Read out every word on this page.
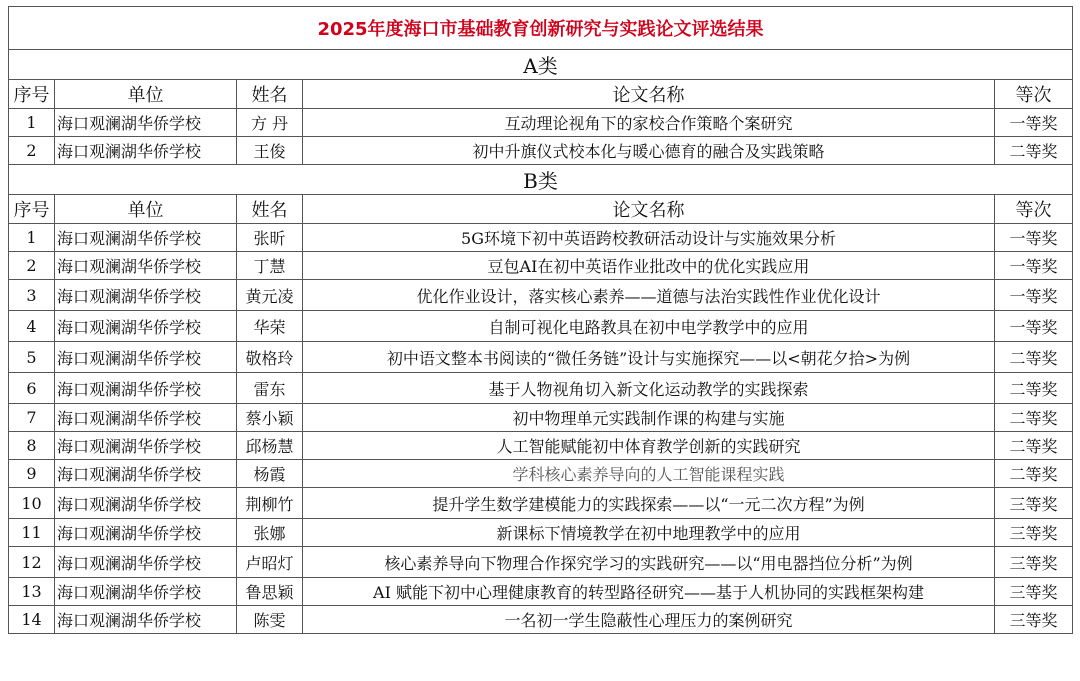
2025年度海口市基础教育创新研究与实践论文评选结果				
A类				
序号	单位	姓名	论文名称	等次
1	海口观澜湖华侨学校	方 丹	互动理论视角下的家校合作策略个案研究	一等奖
2	海口观澜湖华侨学校	王俊	初中升旗仪式校本化与暖心德育的融合及实践策略	二等奖
B类				
序号	单位	姓名	论文名称	等次
1	海口观澜湖华侨学校	张昕	5G环境下初中英语跨校教研活动设计与实施效果分析	一等奖
2	海口观澜湖华侨学校	丁慧	豆包AI在初中英语作业批改中的优化实践应用	一等奖
3	海口观澜湖华侨学校	黄元凌	优化作业设计，落实核心素养——道德与法治实践性作业优化设计	一等奖
4	海口观澜湖华侨学校	华荣	自制可视化电路教具在初中电学教学中的应用	一等奖
5	海口观澜湖华侨学校	敬格玲	初中语文整本书阅读的“微任务链”设计与实施探究——以<朝花夕拾>为例	二等奖
6	海口观澜湖华侨学校	雷东	基于人物视角切入新文化运动教学的实践探索	二等奖
7	海口观澜湖华侨学校	蔡小颖	初中物理单元实践制作课的构建与实施	二等奖
8	海口观澜湖华侨学校	邱杨慧	人工智能赋能初中体育教学创新的实践研究	二等奖
9	海口观澜湖华侨学校	杨霞	学科核心素养导向的人工智能课程实践	二等奖
10	海口观澜湖华侨学校	荆柳竹	提升学生数学建模能力的实践探索——以“一元二次方程”为例	三等奖
11	海口观澜湖华侨学校	张娜	新课标下情境教学在初中地理教学中的应用	三等奖
12	海口观澜湖华侨学校	卢昭灯	核心素养导向下物理合作探究学习的实践研究——以“用电器挡位分析”为例	三等奖
13	海口观澜湖华侨学校	鲁思颖	AI 赋能下初中心理健康教育的转型路径研究——基于人机协同的实践框架构建	三等奖
14	海口观澜湖华侨学校	陈雯	一名初一学生隐蔽性心理压力的案例研究	三等奖
